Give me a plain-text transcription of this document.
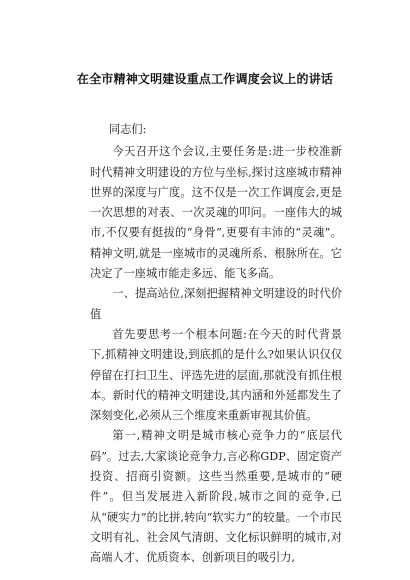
在全市精神文明建设重点工作调度会议上的讲话

同志们:

今天召开这个会议,主要任务是:进一步校准新时代精神文明建设的方位与坐标,探讨这座城市精神世界的深度与广度。这不仅是一次工作调度会,更是一次思想的对表、一次灵魂的叩问。一座伟大的城市,不仅要有挺拔的“身骨”,更要有丰沛的“灵魂”。精神文明,就是一座城市的灵魂所系、根脉所在。它决定了一座城市能走多远、能飞多高。

一、提高站位,深刻把握精神文明建设的时代价值

首先要思考一个根本问题:在今天的时代背景下,抓精神文明建设,到底抓的是什么?如果认识仅仅停留在打扫卫生、评选先进的层面,那就没有抓住根本。新时代的精神文明建设,其内涵和外延都发生了深刻变化,必须从三个维度来重新审视其价值。

第一,精神文明是城市核心竞争力的“底层代码”。过去,大家谈论竞争力,言必称GDP、固定资产投资、招商引资额。这些当然重要,是城市的“硬件”。但当发展进入新阶段,城市之间的竞争,已从“硬实力”的比拼,转向“软实力”的较量。一个市民文明有礼、社会风气清朗、文化标识鲜明的城市,对高端人才、优质资本、创新项目的吸引力,
